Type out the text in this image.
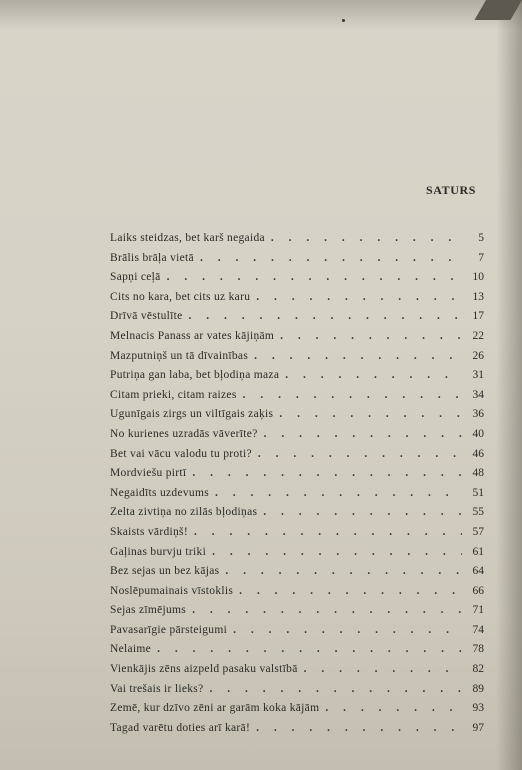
SATURS
Laiks steidzas, bet karš negaida . . .	5
Brālis brāļa vietā . . .	7
Sapņi ceļā . . .	10
Cits no kara, bet cits uz karu . . .	13
Drīvā vēstulīte . . .	17
Melnacis Panass ar vates kājiņām . . .	22
Mazputniņš un tā dīvainības . . .	26
Putriņa gan laba, bet bļodiņa maza . . .	31
Citam prieki, citam raizes . . .	34
Ugunīgais zirgs un viltīgais zaķis . . .	36
No kurienes uzradās vāverīte? . . .	40
Bet vai vācu valodu tu proti? . . .	46
Mordviešu pirtī . . .	48
Negaidīts uzdevums . . .	51
Zelta zivtiņa no zilās bļodiņas . . .	55
Skaists vārdiņš! . . .	57
Gaļinas burvju triki . . .	61
Bez sejas un bez kājas . . .	64
Noslēpumainais vīstoklis . . .	66
Sejas zīmējums . . .	71
Pavasarīgie pārsteigumi . . .	74
Nelaime . . .	78
Vienkājis zēns aizpeld pasaku valstībā . . .	82
Vai trešais ir lieks? . . .	89
Zemē, kur dzīvo zēni ar garām koka kājām . . .	93
Tagad varētu doties arī karā! . . .	97
